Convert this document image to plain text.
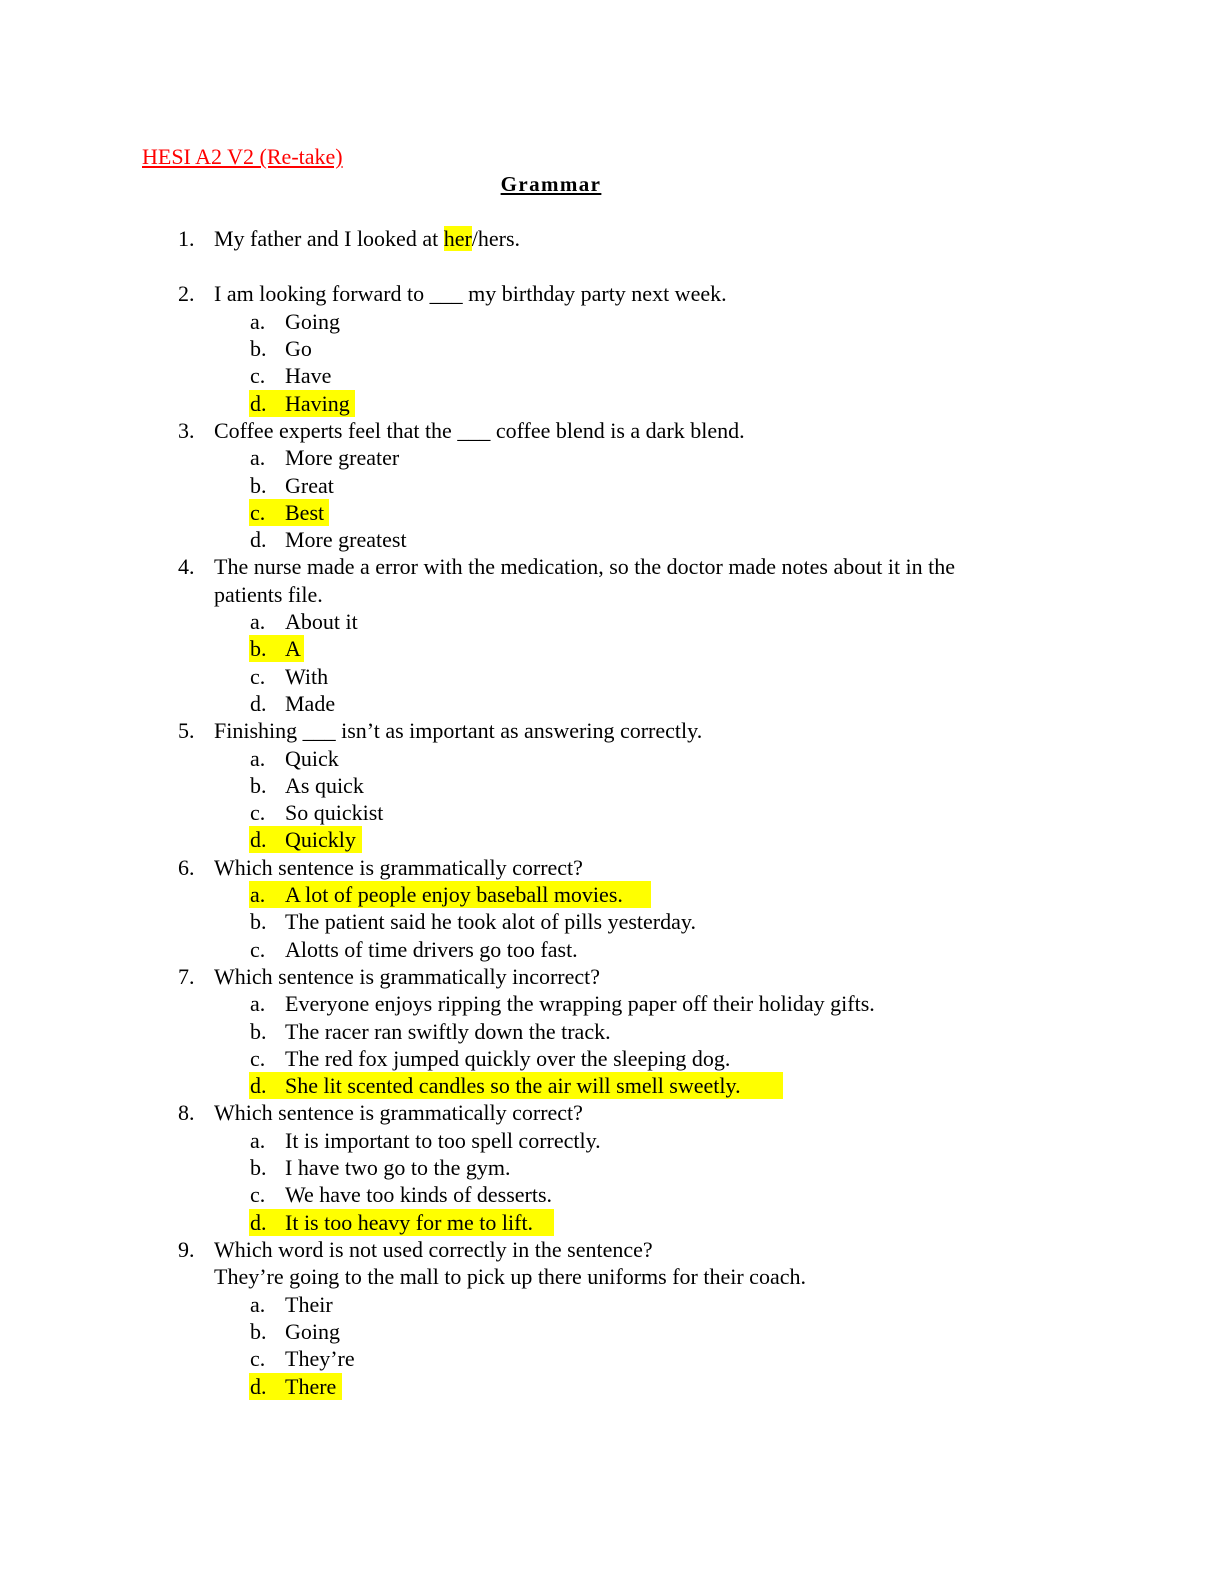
HESI A2 V2 (Re-take)
Grammar
1. My father and I looked at her/hers.
2. I am looking forward to ___ my birthday party next week.
a. Going
b. Go
c. Have
d. Having
3. Coffee experts feel that the ___ coffee blend is a dark blend.
a. More greater
b. Great
c. Best
d. More greatest
4. The nurse made a error with the medication, so the doctor made notes about it in the
patients file.
a. About it
b. A
c. With
d. Made
5. Finishing ___ isn’t as important as answering correctly.
a. Quick
b. As quick
c. So quickist
d. Quickly
6. Which sentence is grammatically correct?
a. A lot of people enjoy baseball movies.
b. The patient said he took alot of pills yesterday.
c. Alotts of time drivers go too fast.
7. Which sentence is grammatically incorrect?
a. Everyone enjoys ripping the wrapping paper off their holiday gifts.
b. The racer ran swiftly down the track.
c. The red fox jumped quickly over the sleeping dog.
d. She lit scented candles so the air will smell sweetly.
8. Which sentence is grammatically correct?
a. It is important to too spell correctly.
b. I have two go to the gym.
c. We have too kinds of desserts.
d. It is too heavy for me to lift.
9. Which word is not used correctly in the sentence?
They’re going to the mall to pick up there uniforms for their coach.
a. Their
b. Going
c. They’re
d. There
